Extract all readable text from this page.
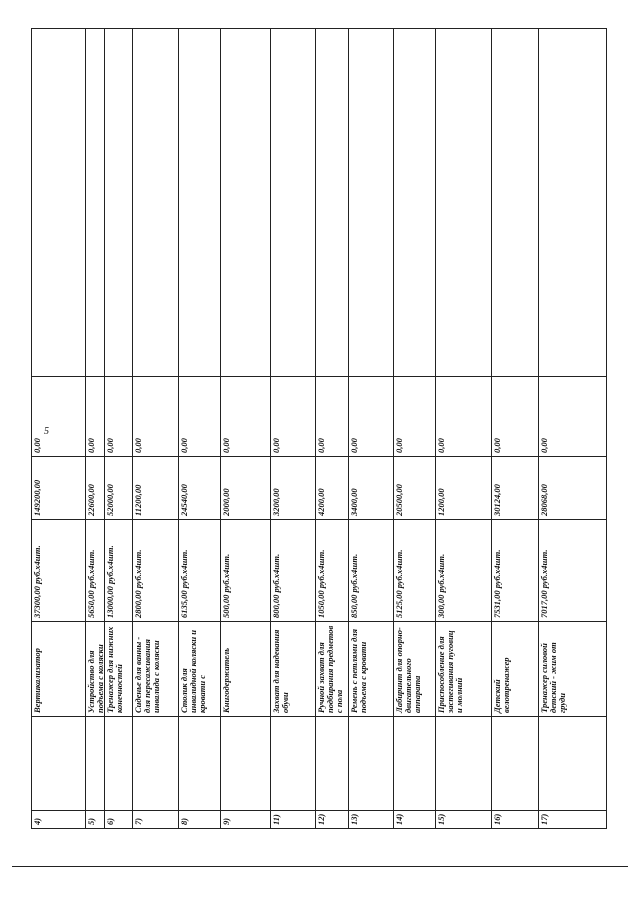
5
4)		Вертикализатор	37300,00 руб.x4шт.	149200,00	0,00	
5)		Устройство для подъема с коляски	5650,00 руб.x4шт.	22600,00	0,00	
6)		Тренажер для нижних конечностей	13000,00 руб.x4шт.	52000,00	0,00	
7)		Сиденье для ванны - для пересаживания инвалида с коляски	2800,00 руб.x4шт.	11200,00	0,00	
8)		Столик для инвалидной коляски и кровати с	6135,00 руб.x4шт.	24540,00	0,00	
9)		Книгодержатель	500,00 руб.x4шт.	2000,00	0,00	
11)		Захват для надевания обуви	800,00 руб.x4шт.	3200,00	0,00	
12)		Ручной захват для подбирания предметов с пола	1050,00 руб.x4шт.	4200,00	0,00	
13)		Ремень с петлями для подъема с кровати	850,00 руб.x4шт.	3400,00	0,00	
14)		Лабиринт для опорно-двигательного аппарата	5125,00 руб.x4шт.	20500,00	0,00	
15)		Приспособление для застегивания пуговиц и молний	300,00 руб.x4шт.	1200,00	0,00	
16)		Детский велотренажер	7531,00 руб.x4шт.	30124,00	0,00	
17)		Тренажер силовой детский - жим от груди	7017,00 руб.x4шт.	28068,00	0,00	
